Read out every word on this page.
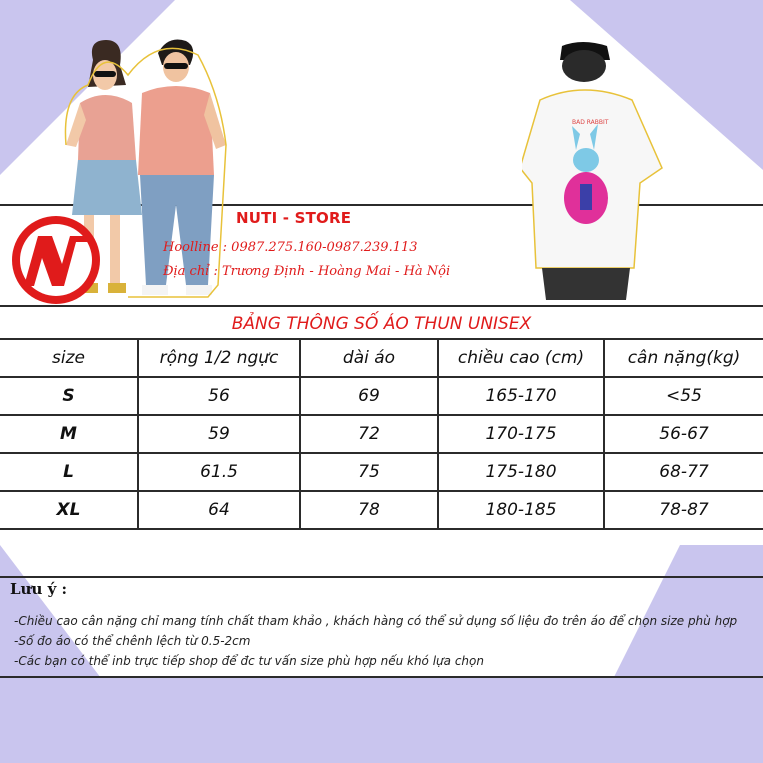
BAD RABBIT
NUTI - STORE
Hoolline : 0987.275.160-0987.239.113
Địa chỉ : Trương Định - Hoàng Mai - Hà Nội
BẢNG THÔNG SỐ ÁO THUN UNISEX
size	rộng 1/2 ngực	dài áo	chiều cao (cm)	cân nặng(kg)
S	56	69	165-170	<55
M	59	72	170-175	56-67
L	61.5	75	175-180	68-77
XL	64	78	180-185	78-87
Lưu ý :
-Chiều cao cân nặng chỉ mang tính chất tham khảo , khách hàng có thể sử dụng số liệu đo trên áo để chọn size phù hợp
-Số đo áo có thể chênh lệch từ 0.5-2cm
-Các bạn có thể inb trực tiếp shop để đc tư vấn size phù hợp nếu khó lựa chọn
